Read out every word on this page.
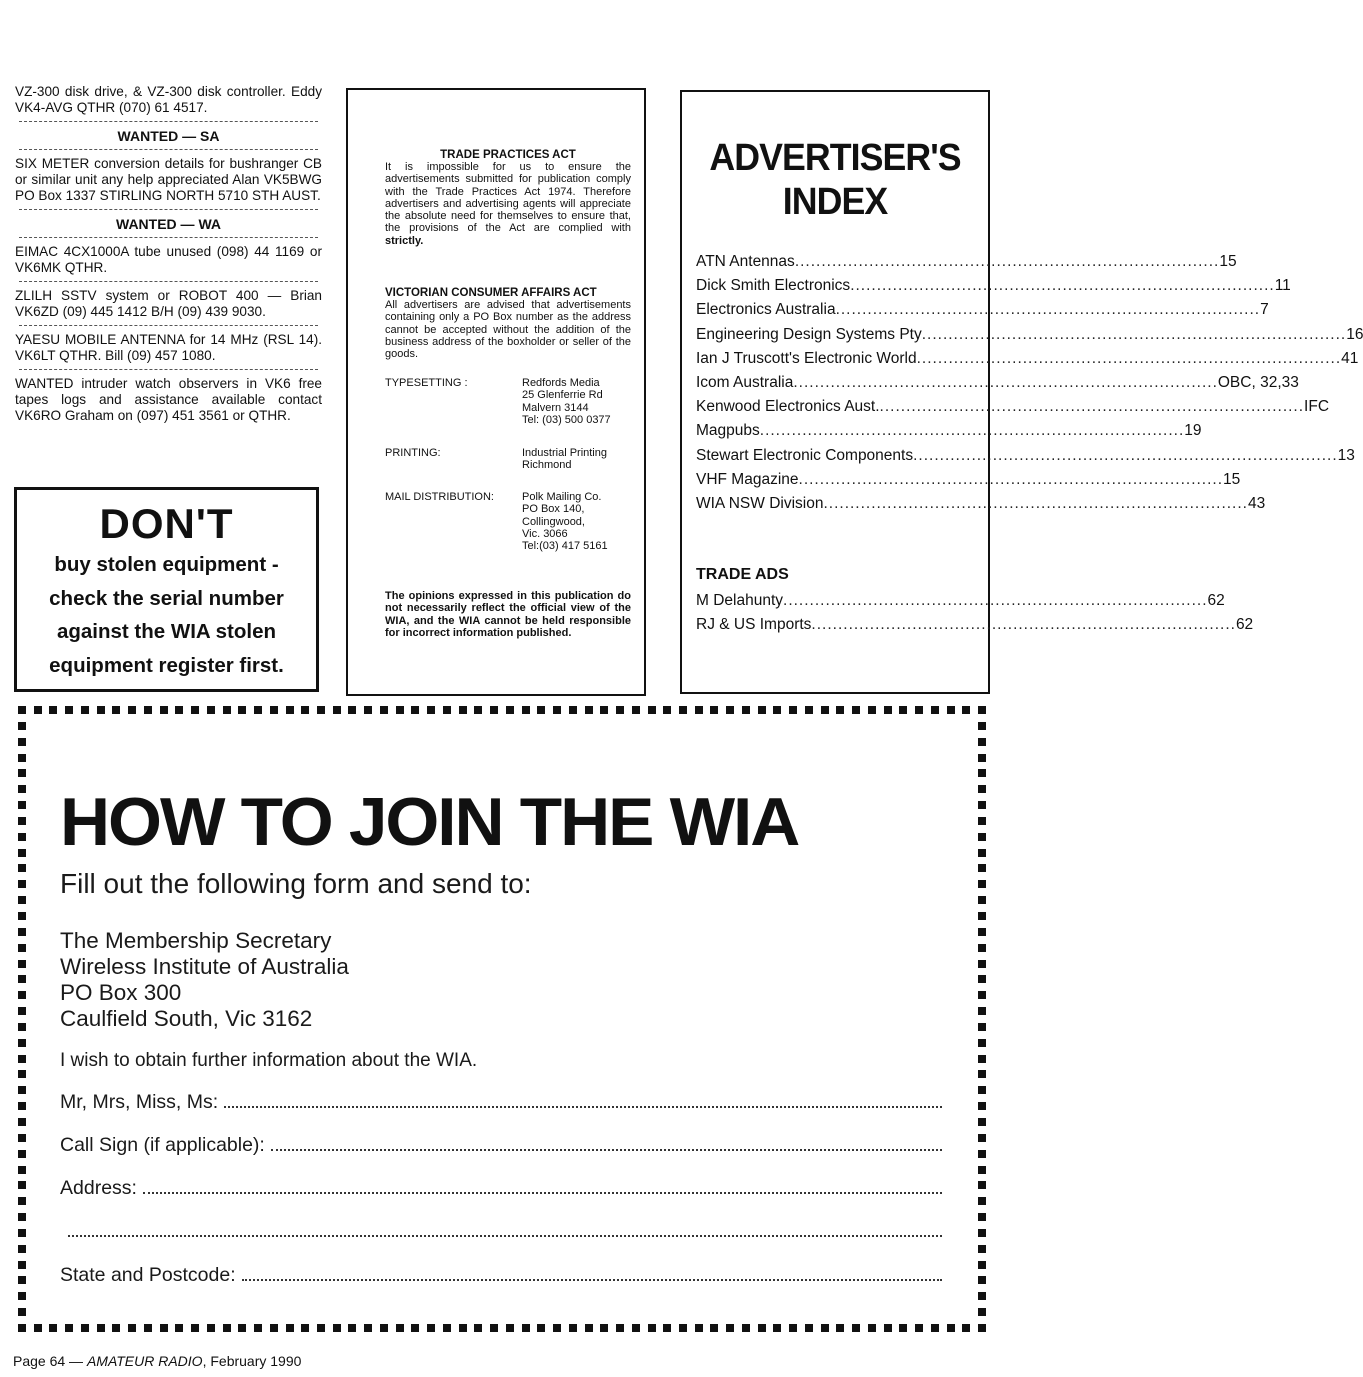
VZ-300 disk drive, & VZ-300 disk controller. Eddy VK4-AVG QTHR (070) 61 4517.

WANTED — SA

SIX METER conversion details for bushranger CB or similar unit any help appreciated Alan VK5BWG PO Box 1337 STIRLING NORTH 5710 STH AUST.

WANTED — WA

EIMAC 4CX1000A tube unused (098) 44 1169 or VK6MK QTHR.

ZLILH SSTV system or ROBOT 400 — Brian VK6ZD (09) 445 1412 B/H (09) 439 9030.

YAESU MOBILE ANTENNA for 14 MHz (RSL 14). VK6LT QTHR. Bill (09) 457 1080.

WANTED intruder watch observers in VK6 free tapes logs and assistance available contact VK6RO Graham on (097) 451 3561 or QTHR.

DON'T
buy stolen equipment -
check the serial number
against the WIA stolen
equipment register first.
TRADE PRACTICES ACT
It is impossible for us to ensure the advertisements submitted for publication comply with the Trade Practices Act 1974. Therefore advertisers and advertising agents will appreciate the absolute need for themselves to ensure that, the provisions of the Act are complied with strictly.
VICTORIAN CONSUMER AFFAIRS ACT
All advertisers are advised that advertisements containing only a PO Box number as the address cannot be accepted without the addition of the business address of the boxholder or seller of the goods.
TYPESETTING :	Redfords Media
25 Glenferrie Rd
Malvern 3144
Tel: (03) 500 0377
PRINTING:	Industrial Printing
Richmond
MAIL DISTRIBUTION:	Polk Mailing Co.
PO Box 140,
Collingwood,
Vic. 3066
Tel:(03) 417 5161
The opinions expressed in this publication do not necessarily reflect the official view of the WIA, and the WIA cannot be held responsible for incorrect information published.
ADVERTISER'S
INDEX
ATN Antennas ................................................................................ 15
Dick Smith Electronics ................................................................................ 11
Electronics Australia ................................................................................ 7
Engineering Design Systems Pty ................................................................................ 16
Ian J Truscott's Electronic World ................................................................................ 41
Icom Australia ................................................................................ OBC, 32,33
Kenwood Electronics Aust. ................................................................................ IFC
Magpubs ................................................................................ 19
Stewart Electronic Components ................................................................................ 13
VHF Magazine ................................................................................ 15
WIA NSW Division ................................................................................ 43
TRADE ADS
M Delahunty ................................................................................ 62
RJ & US Imports ................................................................................ 62
HOW TO JOIN THE WIA
Fill out the following form and send to:
The Membership Secretary
Wireless Institute of Australia
PO Box 300
Caulfield South, Vic 3162
I wish to obtain further information about the WIA.
Mr, Mrs, Miss, Ms:
Call Sign (if applicable):
Address:
State and Postcode:
Page 64 — AMATEUR RADIO, February 1990
